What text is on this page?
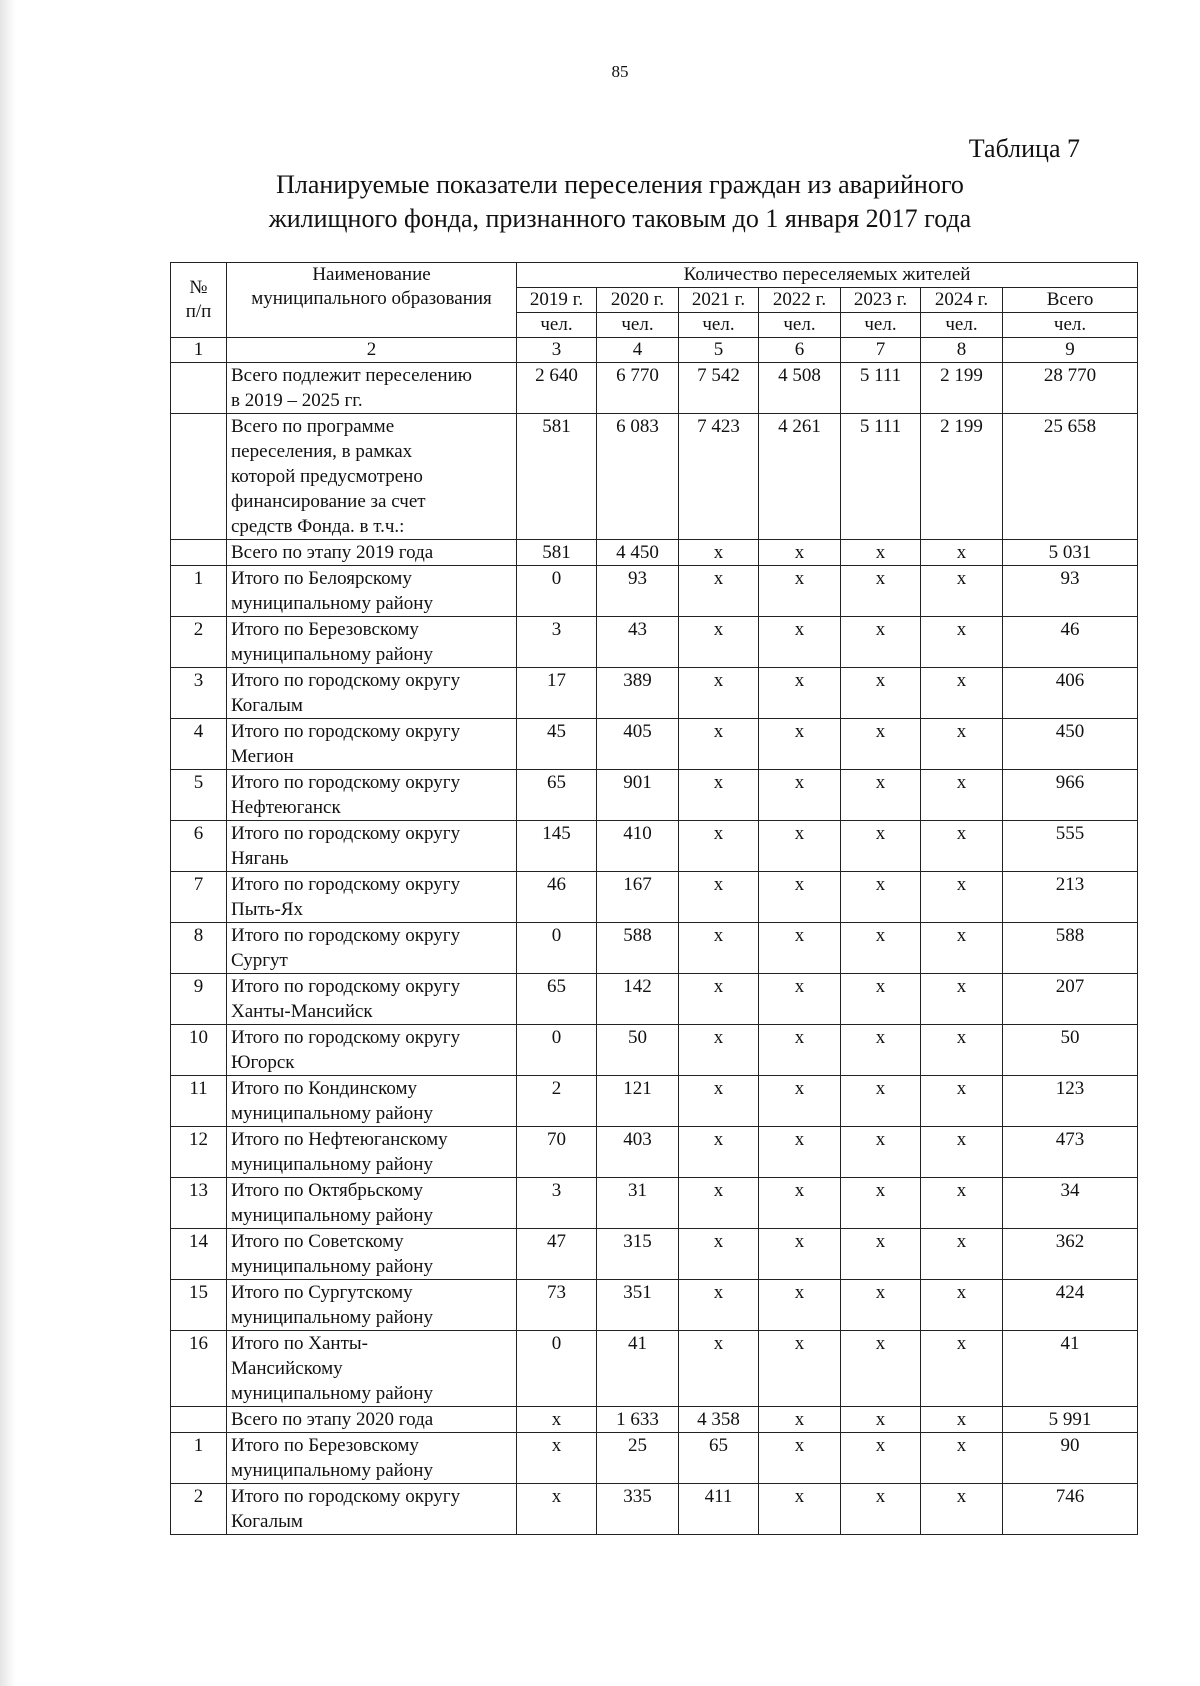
85
Таблица 7
Планируемые показатели переселения граждан из аварийного
жилищного фонда, признанного таковым до 1 января 2017 года
№
п/п	Наименование
муниципального образования	Количество переселяемых жителей						
		2019 г.	2020 г.	2021 г.	2022 г.	2023 г.	2024 г.	Всего
		чел.	чел.	чел.	чел.	чел.	чел.	чел.
1	2	3	4	5	6	7	8	9

	Всего подлежит переселению
в 2019 – 2025 гг.	2 640	6 770	7 542	4 508	5 111	2 199	28 770

	Всего по программе
переселения, в рамках
которой предусмотрено
финансирование за счет
средств Фонда. в т.ч.:	581	6 083	7 423	4 261	5 111	2 199	25 658

	Всего по этапу 2019 года	581	4 450	x	x	x	x	5 031
1	Итого по Белоярскому
муниципальному району	0	93	x	x	x	x	93
2	Итого по Березовскому
муниципальному району	3	43	x	x	x	x	46
3	Итого по городскому округу
Когалым	17	389	x	x	x	x	406
4	Итого по городскому округу
Мегион	45	405	x	x	x	x	450
5	Итого по городскому округу
Нефтеюганск	65	901	x	x	x	x	966
6	Итого по городскому округу
Нягань	145	410	x	x	x	x	555
7	Итого по городскому округу
Пыть-Ях	46	167	x	x	x	x	213
8	Итого по городскому округу
Сургут	0	588	x	x	x	x	588
9	Итого по городскому округу
Ханты-Мансийск	65	142	x	x	x	x	207
10	Итого по городскому округу
Югорск	0	50	x	x	x	x	50
11	Итого по Кондинскому
муниципальному району	2	121	x	x	x	x	123
12	Итого по Нефтеюганскому
муниципальному району	70	403	x	x	x	x	473
13	Итого по Октябрьскому
муниципальному району	3	31	x	x	x	x	34
14	Итого по Советскому
муниципальному району	47	315	x	x	x	x	362
15	Итого по Сургутскому
муниципальному району	73	351	x	x	x	x	424
16	Итого по Ханты-
Мансийскому
муниципальному району	0	41	x	x	x	x	41

	Всего по этапу 2020 года	x	1 633	4 358	x	x	x	5 991
1	Итого по Березовскому
муниципальному району	x	25	65	x	x	x	90
2	Итого по городскому округу
Когалым	x	335	411	x	x	x	746
